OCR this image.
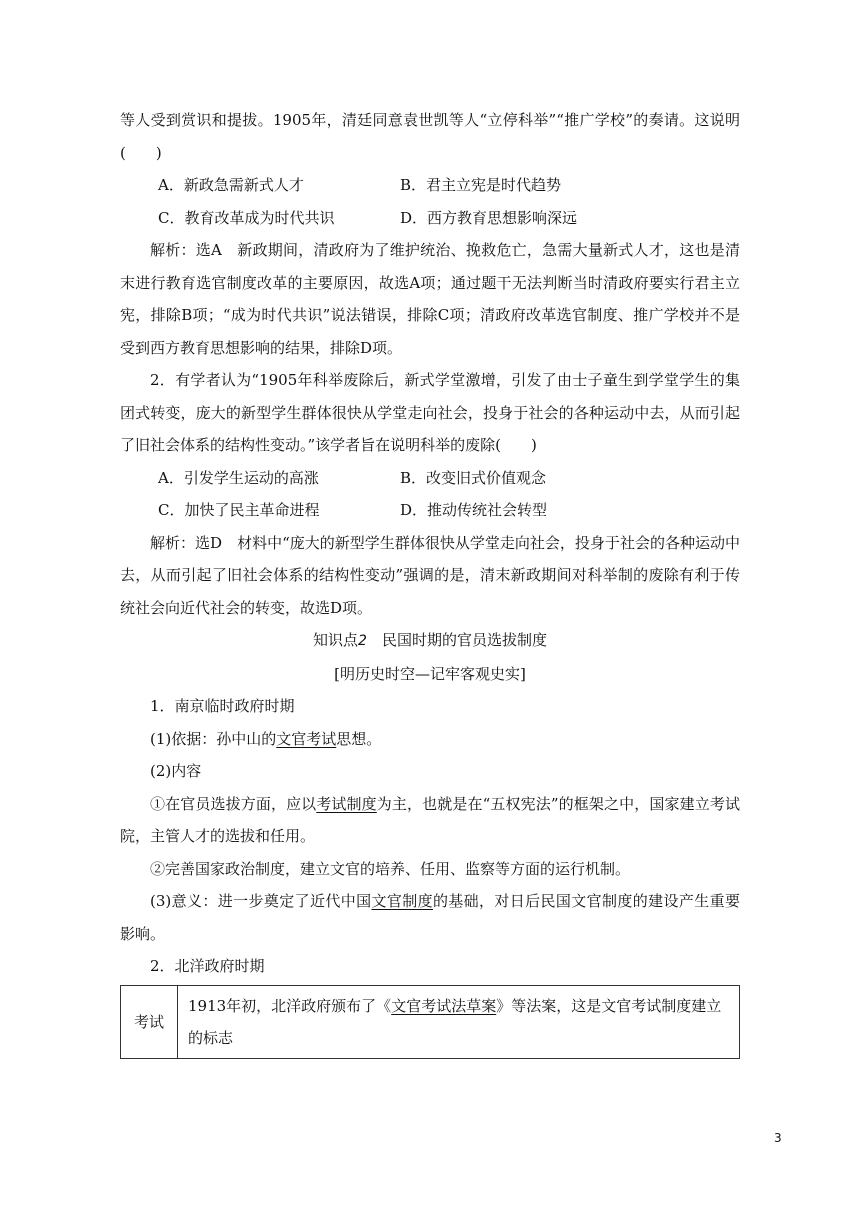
等人受到赏识和提拔。1905年，清廷同意袁世凯等人“立停科举”“推广学校”的奏请。这说明(　　)

A．新政急需新式人才	B．君主立宪是时代趋势
C．教育改革成为时代共识	D．西方教育思想影响深远

解析：选A　新政期间，清政府为了维护统治、挽救危亡，急需大量新式人才，这也是清末进行教育选官制度改革的主要原因，故选A项；通过题干无法判断当时清政府要实行君主立宪，排除B项；“成为时代共识”说法错误，排除C项；清政府改革选官制度、推广学校并不是受到西方教育思想影响的结果，排除D项。

2．有学者认为“1905年科举废除后，新式学堂激增，引发了由士子童生到学堂学生的集团式转变，庞大的新型学生群体很快从学堂走向社会，投身于社会的各种运动中去，从而引起了旧社会体系的结构性变动。”该学者旨在说明科举的废除(　　)

A．引发学生运动的高涨	B．改变旧式价值观念
C．加快了民主革命进程	D．推动传统社会转型

解析：选D　材料中“庞大的新型学生群体很快从学堂走向社会，投身于社会的各种运动中去，从而引起了旧社会体系的结构性变动”强调的是，清末新政期间对科举制的废除有利于传统社会向近代社会的转变，故选D项。

知识点2　民国时期的官员选拔制度

[明历史时空—记牢客观史实]

1．南京临时政府时期

(1)依据：孙中山的文官考试思想。

(2)内容

①在官员选拔方面，应以考试制度为主，也就是在“五权宪法”的框架之中，国家建立考试院，主管人才的选拔和任用。

②完善国家政治制度，建立文官的培养、任用、监察等方面的运行机制。

(3)意义：进一步奠定了近代中国文官制度的基础，对日后民国文官制度的建设产生重要影响。

2．北洋政府时期

考试	1913年初，北洋政府颁布了《文官考试法草案》等法案，这是文官考试制度建立的标志
3
